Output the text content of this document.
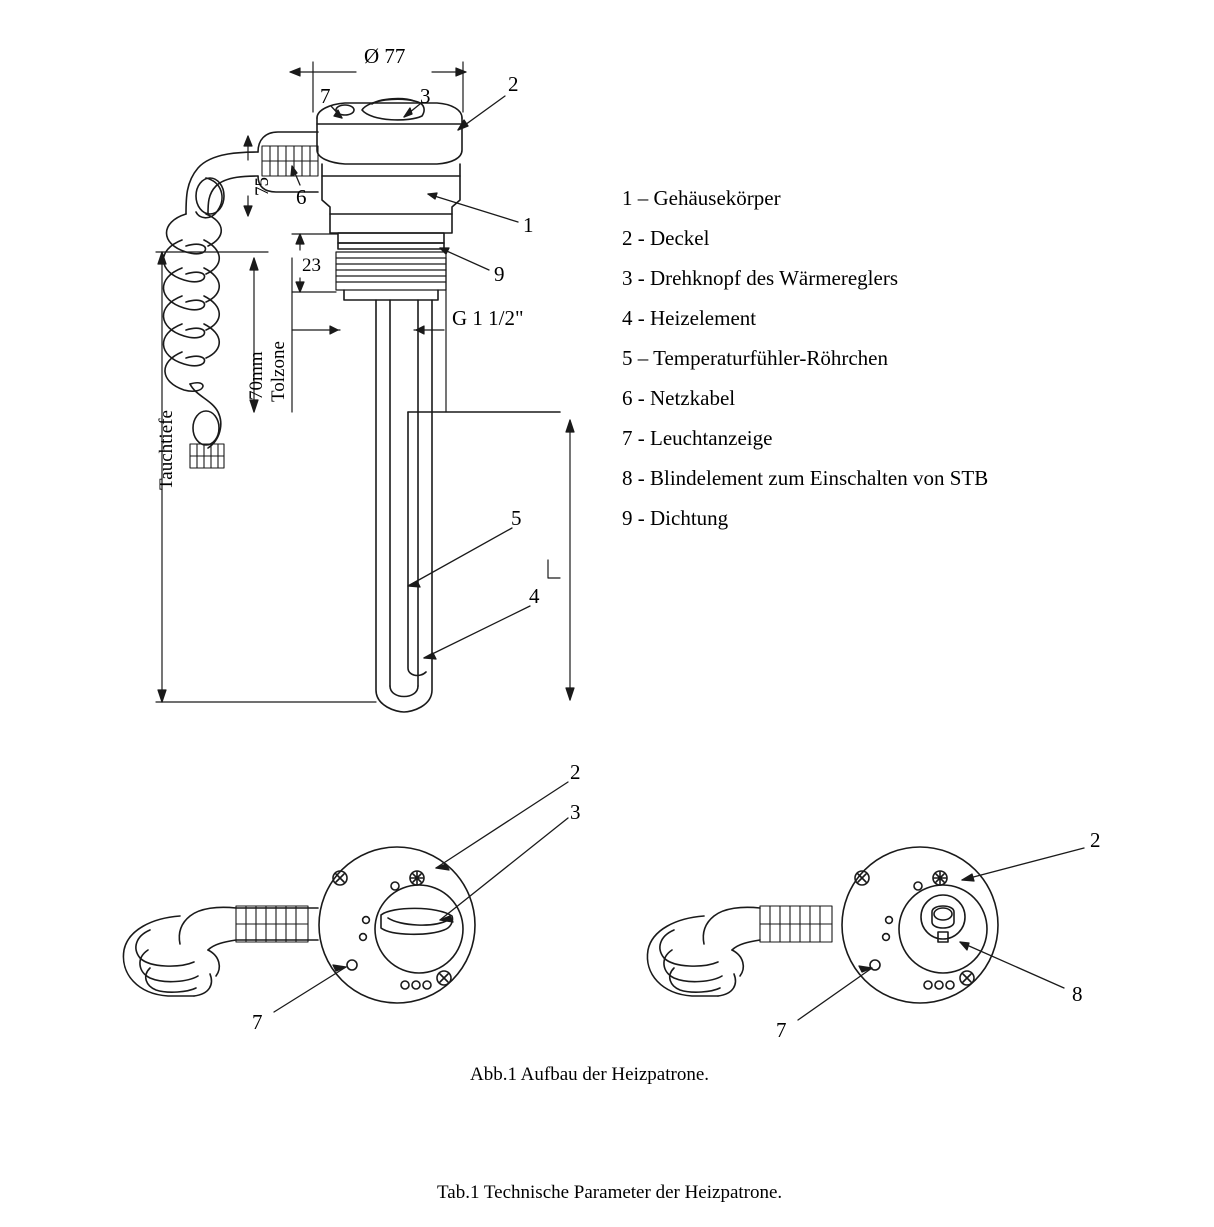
Ø 77
75
23
G 1 1/2"
Tauchtiefe
70mm Tolzone
7	3	2
1
9
6
5
4
2
3
7
2
7
8
1 – Gehäusekörper
2 - Deckel
3 - Drehknopf des Wärmereglers
4 - Heizelement
5 – Temperaturfühler-Röhrchen
6 - Netzkabel
7 - Leuchtanzeige
8 - Blindelement zum Einschalten von STB
9 - Dichtung
Abb.1 Aufbau der Heizpatrone.
Tab.1 Technische Parameter der Heizpatrone.
